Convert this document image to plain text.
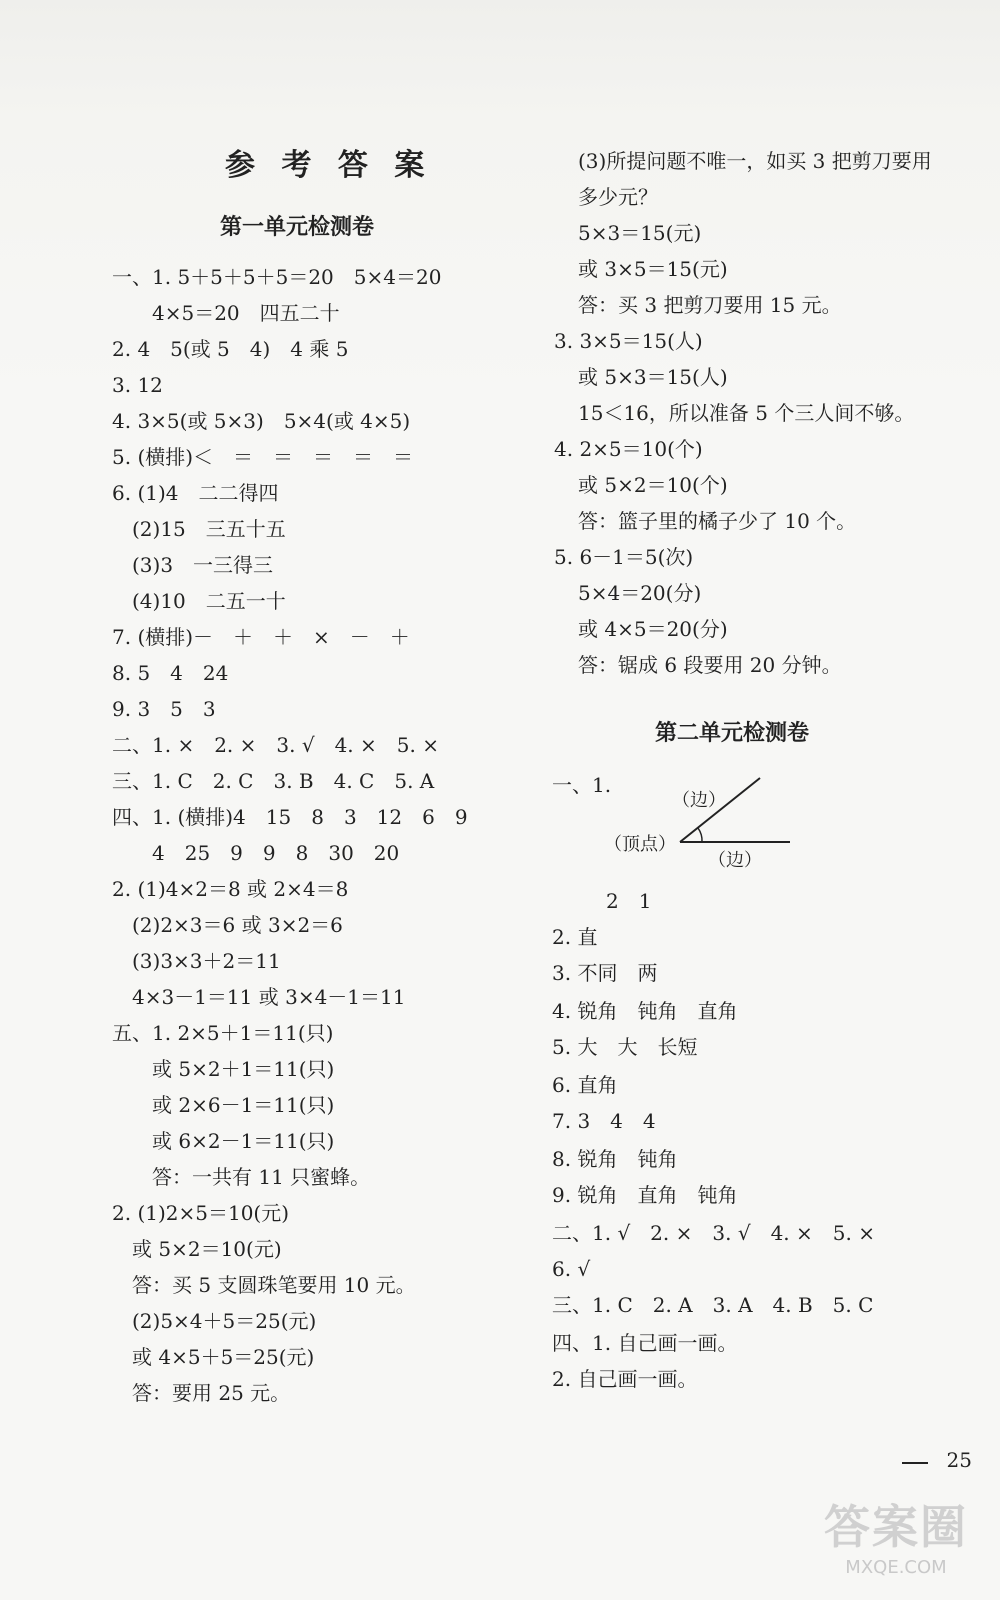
参 考 答 案
第一单元检测卷
一、1. 5＋5＋5＋5＝20　5×4＝20
　　4×5＝20　四五二十
2. 4　5(或 5　4)　4 乘 5
3. 12
4. 3×5(或 5×3)　5×4(或 4×5)
5. (横排)＜　＝　＝　＝　＝　＝
6. (1)4　二二得四
　(2)15　三五十五
　(3)3　一三得三
　(4)10　二五一十
7. (横排)－　＋　＋　×　－　＋
8. 5　4　24
9. 3　5　3
二、1. ×　2. ×　3. √　4. ×　5. ×
三、1. C　2. C　3. B　4. C　5. A
四、1. (横排)4　15　8　3　12　6　9
　　4　25　9　9　8　30　20
2. (1)4×2＝8 或 2×4＝8
　(2)2×3＝6 或 3×2＝6
　(3)3×3＋2＝11
　4×3－1＝11 或 3×4－1＝11
五、1. 2×5＋1＝11(只)
　　或 5×2＋1＝11(只)
　　或 2×6－1＝11(只)
　　或 6×2－1＝11(只)
　　答：一共有 11 只蜜蜂。
2. (1)2×5＝10(元)
　或 5×2＝10(元)
　答：买 5 支圆珠笔要用 10 元。
　(2)5×4＋5＝25(元)
　或 4×5＋5＝25(元)
　答：要用 25 元。
(3)所提问题不唯一，如买 3 把剪刀要用
多少元？
5×3＝15(元)
或 3×5＝15(元)
答：买 3 把剪刀要用 15 元。
3. 3×5＝15(人)
或 5×3＝15(人)
15＜16，所以准备 5 个三人间不够。
4. 2×5＝10(个)
或 5×2＝10(个)
答：篮子里的橘子少了 10 个。
5. 6－1＝5(次)
5×4＝20(分)
或 4×5＝20(分)
答：锯成 6 段要用 20 分钟。
第二单元检测卷
一、1.
（边）
（顶点）
（边）
2　1
2. 直
3. 不同　两
4. 锐角　钝角　直角
5. 大　大　长短
6. 直角
7. 3　4　4
8. 锐角　钝角
9. 锐角　直角　钝角
二、1. √　2. ×　3. √　4. ×　5. ×
6. √
三、1. C　2. A　3. A　4. B　5. C
四、1. 自己画一画。
2. 自己画一画。
25
答案圈
MXQE.COM
